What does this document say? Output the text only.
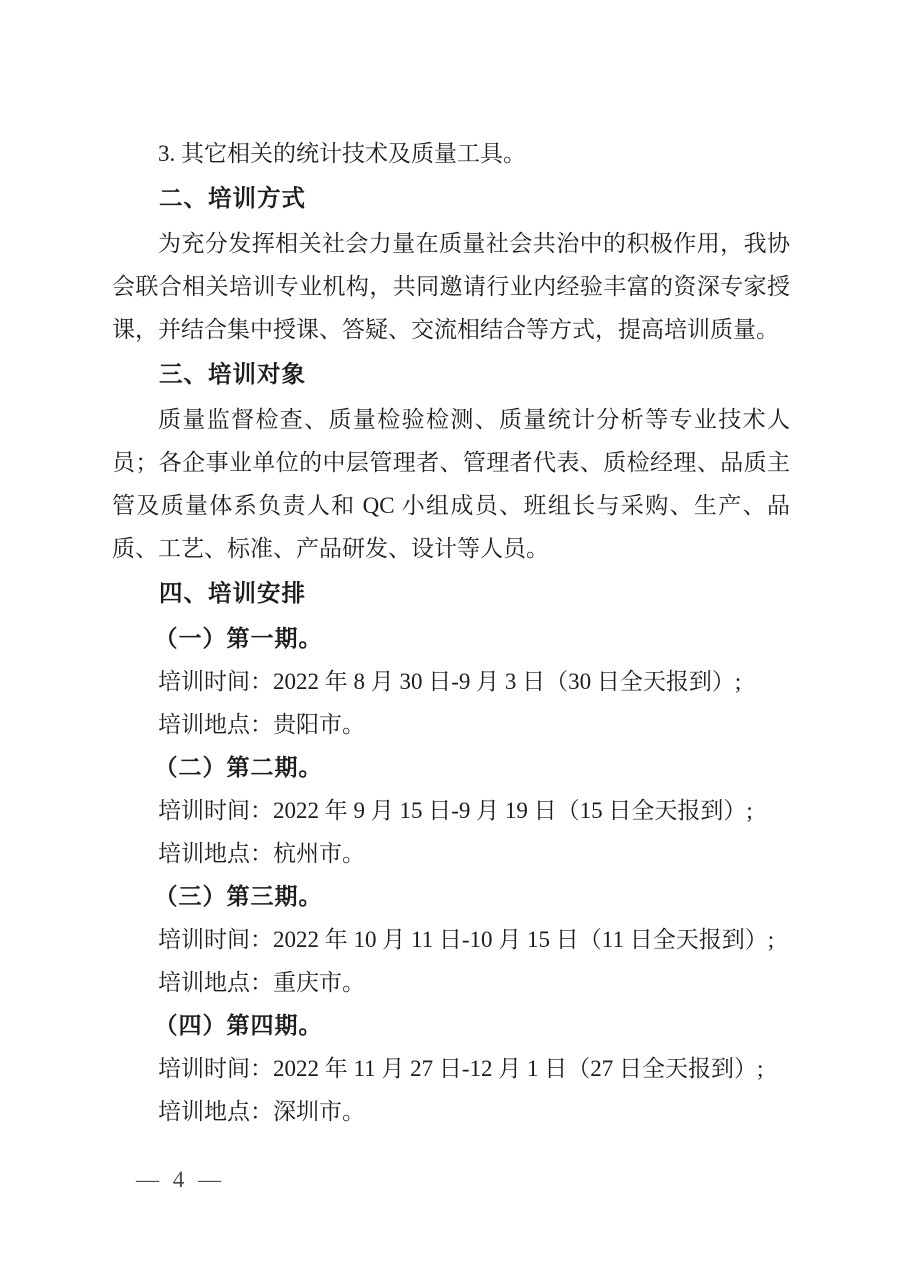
3. 其它相关的统计技术及质量工具。

二、培训方式

为充分发挥相关社会力量在质量社会共治中的积极作用，我协会联合相关培训专业机构，共同邀请行业内经验丰富的资深专家授课，并结合集中授课、答疑、交流相结合等方式，提高培训质量。

三、培训对象

质量监督检查、质量检验检测、质量统计分析等专业技术人员；各企事业单位的中层管理者、管理者代表、质检经理、品质主管及质量体系负责人和 QC 小组成员、班组长与采购、生产、品质、工艺、标准、产品研发、设计等人员。

四、培训安排

（一）第一期。

培训时间：2022 年 8 月 30 日-9 月 3 日（30 日全天报到）;

培训地点：贵阳市。

（二）第二期。

培训时间：2022 年 9 月 15 日-9 月 19 日（15 日全天报到）;

培训地点：杭州市。

（三）第三期。

培训时间：2022 年 10 月 11 日-10 月 15 日（11 日全天报到）;

培训地点：重庆市。

（四）第四期。

培训时间：2022 年 11 月 27 日-12 月 1 日（27 日全天报到）;

培训地点：深圳市。

— 4 —
